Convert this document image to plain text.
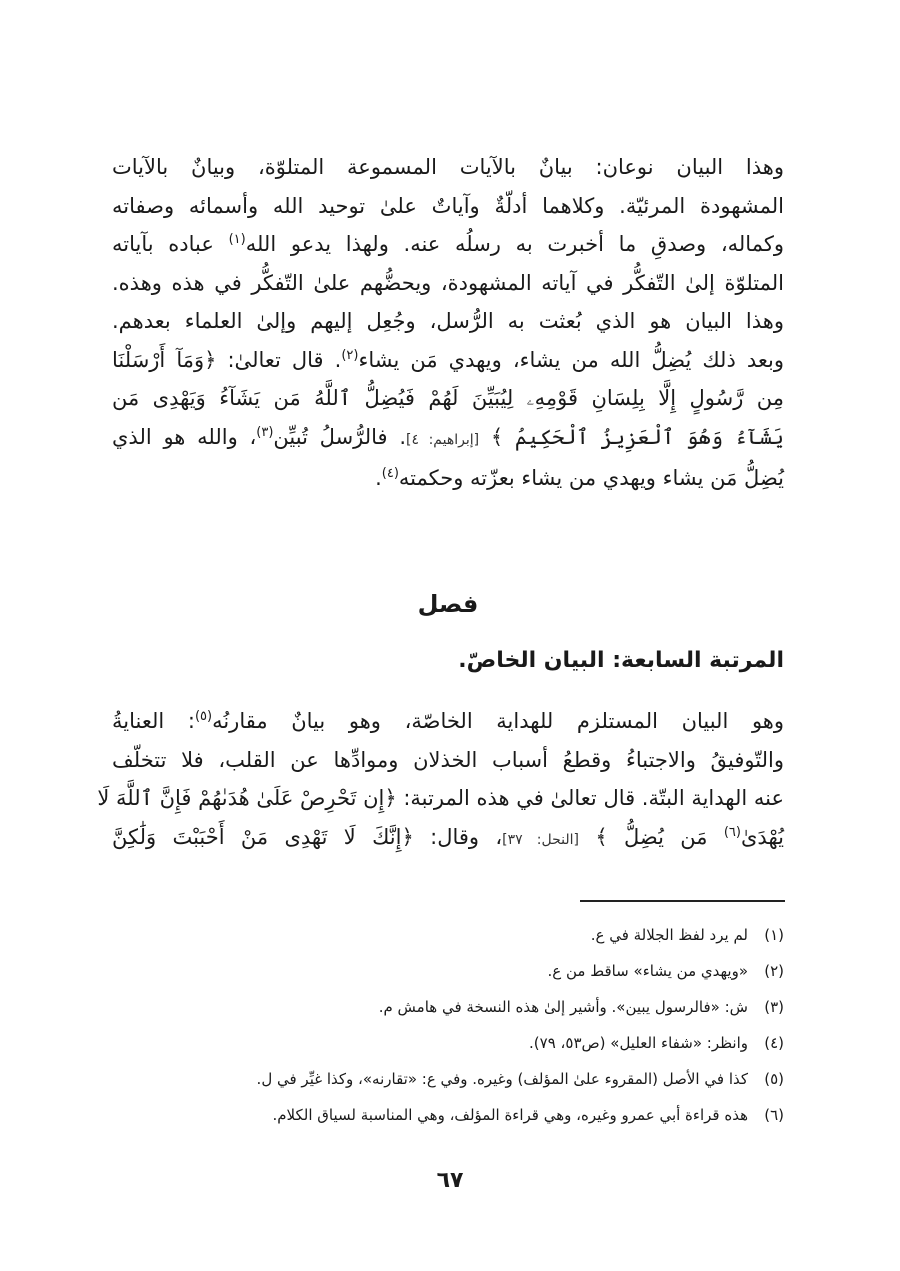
وهذا البيان نوعان: بيانٌ بالآيات المسموعة المتلوّة، وبيانٌ بالآيات
المشهودة المرئيّة. وكلاهما أدلّةٌ وآياتٌ علىٰ توحيد الله وأسمائه وصفاته
وكماله، وصدقِ ما أخبرت به رسلُه عنه. ولهذا يدعو الله$^{(١)}$ عباده بآياته
المتلوّة إلىٰ التّفكُّر في آياته المشهودة، ويحضُّهم علىٰ التّفكُّر في هذه وهذه.
وهذا البيان هو الذي بُعثت به الرُّسل، وجُعِل إليهم وإلىٰ العلماء بعدهم.
وبعد ذلك يُضِلُّ الله من يشاء، ويهدي مَن يشاء$^{(٢)}$. قال تعالىٰ: ﴿وَمَآ أَرْسَلْنَا
مِن رَّسُولٍ إِلَّا بِلِسَانِ قَوْمِهِۦ لِيُبَيِّنَ لَهُمْ فَيُضِلُّ ٱللَّهُ مَن يَشَآءُ وَيَهْدِى مَن
يَشَآءُ وَهُوَ ٱلْعَزِيزُ ٱلْحَكِيمُ ﴾ [إبراهيم: ٤]. فالرُّسلُ تُبيِّن$^{(٣)}$، والله هو الذي
يُضِلُّ مَن يشاء ويهدي من يشاء بعزّته وحكمته$^{(٤)}$.
فصل
المرتبة السابعة: البيان الخاصّ.
وهو البيان المستلزم للهداية الخاصّة، وهو بيانٌ مقارنُه$^{(٥)}$: العنايةُ
والتّوفيقُ والاجتباءُ وقطعُ أسباب الخذلان وموادِّها عن القلب، فلا تتخلّف
عنه الهداية البتّة. قال تعالىٰ في هذه المرتبة: ﴿إِن تَحْرِصْ عَلَىٰ هُدَىٰهُمْ فَإِنَّ ٱللَّهَ لَا
يُهْدَىٰ$^{(٦)}$ مَن يُضِلُّ ﴾ [النحل: ٣٧]، وقال: ﴿إِنَّكَ لَا تَهْدِى مَنْ أَحْبَبْتَ وَلَٰكِنَّ
(١)لم يرد لفظ الجلالة في ع.
(٢)«ويهدي من يشاء» ساقط من ع.
(٣)ش: «فالرسول يبين». وأشير إلىٰ هذه النسخة في هامش م.
(٤)وانظر: «شفاء العليل» (ص٥٣، ٧٩).
(٥)كذا في الأصل (المقروء علىٰ المؤلف) وغيره. وفي ع: «تقارنه»، وكذا غيِّر في ل.
(٦)هذه قراءة أبي عمرو وغيره، وهي قراءة المؤلف، وهي المناسبة لسياق الكلام.
٦٧
